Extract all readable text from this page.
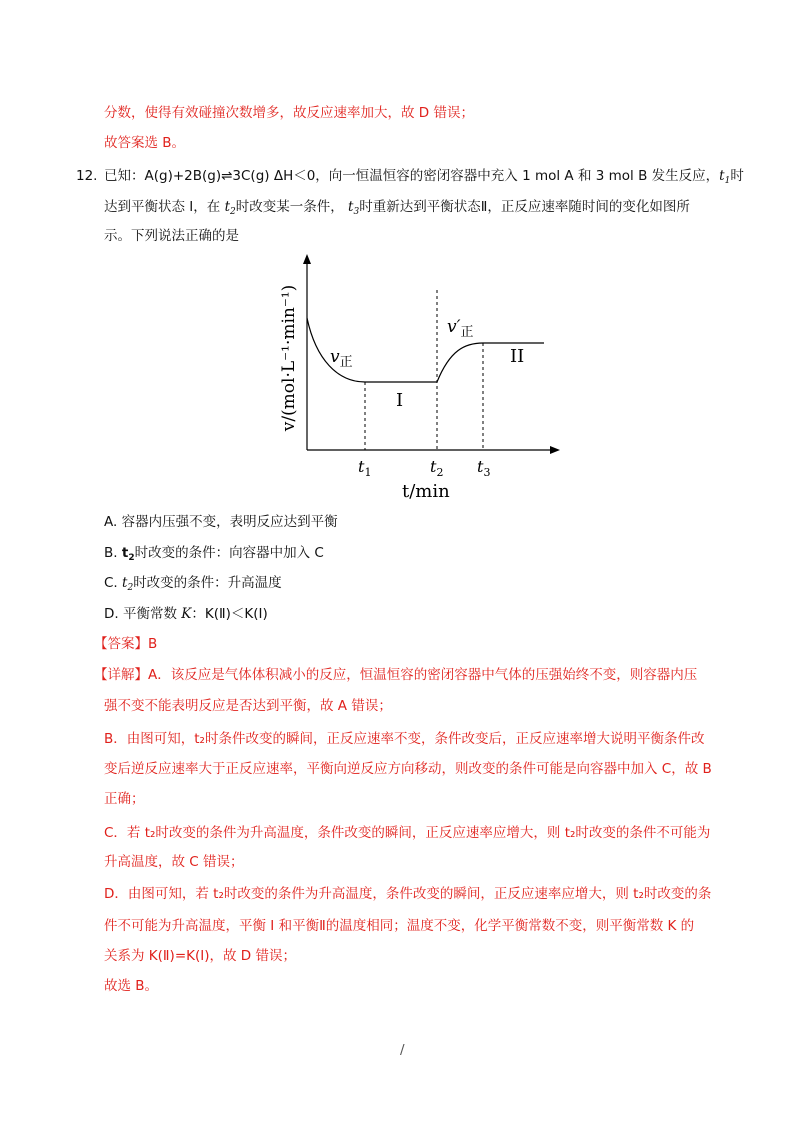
分数，使得有效碰撞次数增多，故反应速率加大，故 D 错误；
故答案选 B。
12. 已知：A(g)+2B(g)⇌3C(g) ΔH＜0，向一恒温恒容的密闭容器中充入 1 mol A 和 3 mol B 发生反应，$t_1$时
达到平衡状态 Ⅰ，在 $t_2$时改变某一条件， $t_3$时重新达到平衡状态Ⅱ，正反应速率随时间的变化如图所
示。下列说法正确的是
v/(mol·L⁻¹·min⁻¹)
$t_1$	$t_2$ $t_3$
t/min
$v_正$
$v'_正$
I
II
A. 容器内压强不变，表明反应达到平衡
B. $t_2$时改变的条件：向容器中加入 C
C. $t_2$时改变的条件：升高温度
D. 平衡常数 K：K(Ⅱ)＜K(Ⅰ)
【答案】B
【详解】A．该反应是气体体积减小的反应，恒温恒容的密闭容器中气体的压强始终不变，则容器内压
强不变不能表明反应是否达到平衡，故 A 错误；
B．由图可知，t₂时条件改变的瞬间，正反应速率不变，条件改变后，正反应速率增大说明平衡条件改
变后逆反应速率大于正反应速率，平衡向逆反应方向移动，则改变的条件可能是向容器中加入 C，故 B
正确；
C．若 t₂时改变的条件为升高温度，条件改变的瞬间，正反应速率应增大，则 t₂时改变的条件不可能为
升高温度，故 C 错误；
D．由图可知，若 t₂时改变的条件为升高温度，条件改变的瞬间，正反应速率应增大，则 t₂时改变的条
件不可能为升高温度，平衡 Ⅰ 和平衡Ⅱ的温度相同；温度不变，化学平衡常数不变，则平衡常数 K 的
关系为 K(Ⅱ)=K(Ⅰ)，故 D 错误；
故选 B。
/
